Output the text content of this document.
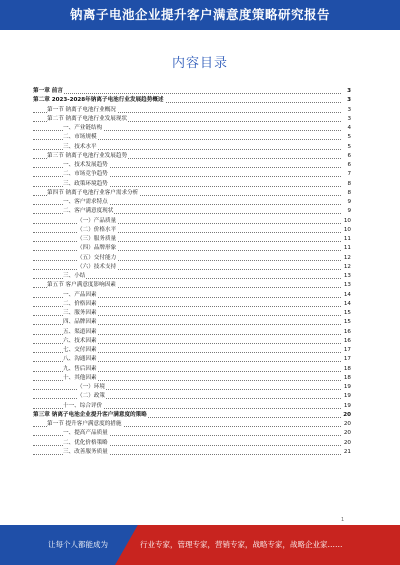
钠离子电池企业提升客户满意度策略研究报告
内容目录
第一章 前言	3
第二章 2023-2028年钠离子电池行业发展趋势概述	3
第一节 钠离子电池行业概况	3
第二节 钠离子电池行业发展现状	3
一、产业链结构	4
二、市场规模	5
三、技术水平	5
第三节 钠离子电池行业发展趋势	6
一、技术发展趋势	6
二、市场竞争趋势	7
三、政策环境趋势	8
第四节 钠离子电池行业客户需求分析	8
一、客户需求特点	9
二、客户满意度现状	9
（一）产品质量	10
（二）价格水平	10
（三）服务质量	11
（四）品牌形象	11
（五）交付能力	12
（六）技术支持	12
三、小结	13
第五节 客户满意度影响因素	13
一、产品因素	14
二、价格因素	14
三、服务因素	15
四、品牌因素	15
五、渠道因素	16
六、技术因素	16
七、交付因素	17
八、沟通因素	17
九、售后因素	18
十、其他因素	18
（一）环境	19
（二）政策	19
十一、综合评价	19
第三章 钠离子电池企业提升客户满意度的策略	20
第一节 提升客户满意度的措施	20
一、提高产品质量	20
二、优化价格策略	20
三、改善服务质量	21
1
让每个人都能成为	行业专家，管理专家，营销专家，战略专家，战略企业家……
